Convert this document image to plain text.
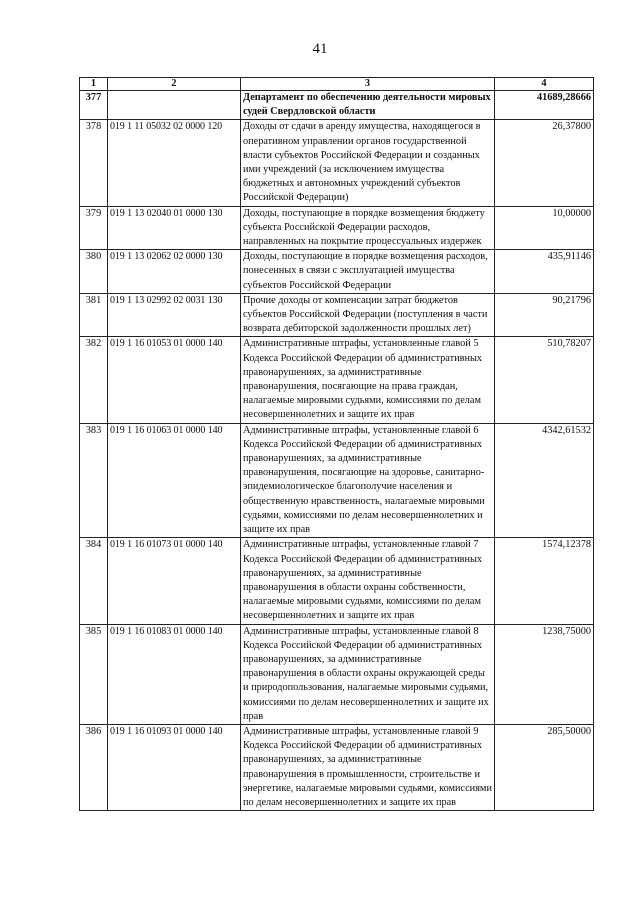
41
1	2	3	4
377		Департамент по обеспечению деятельности мировых судей Свердловской области	41689,28666
378	019 1 11 05032 02 0000 120	Доходы от сдачи в аренду имущества, находящегося в оперативном управлении органов государственной власти субъектов Российской Федерации и созданных ими учреждений (за исключением имущества бюджетных и автономных учреждений субъектов Российской Федерации)	26,37800
379	019 1 13 02040 01 0000 130	Доходы, поступающие в порядке возмещения бюджету субъекта Российской Федерации расходов, направленных на покрытие процессуальных издержек	10,00000
380	019 1 13 02062 02 0000 130	Доходы, поступающие в порядке возмещения расходов, понесенных в связи с эксплуатацией имущества субъектов Российской Федерации	435,91146
381	019 1 13 02992 02 0031 130	Прочие доходы от компенсации затрат бюджетов субъектов Российской Федерации (поступления в части возврата дебиторской задолженности прошлых лет)	90,21796
382	019 1 16 01053 01 0000 140	Административные штрафы, установленные главой 5 Кодекса Российской Федерации об административных правонарушениях, за административные правонарушения, посягающие на права граждан, налагаемые мировыми судьями, комиссиями по делам несовершеннолетних и защите их прав	510,78207
383	019 1 16 01063 01 0000 140	Административные штрафы, установленные главой 6 Кодекса Российской Федерации об административных правонарушениях, за административные правонарушения, посягающие на здоровье, санитарно-эпидемиологическое благополучие населения и общественную нравственность, налагаемые мировыми судьями, комиссиями по делам несовершеннолетних и защите их прав	4342,61532
384	019 1 16 01073 01 0000 140	Административные штрафы, установленные главой 7 Кодекса Российской Федерации об административных правонарушениях, за административные правонарушения в области охраны собственности, налагаемые мировыми судьями, комиссиями по делам несовершеннолетних и защите их прав	1574,12378
385	019 1 16 01083 01 0000 140	Административные штрафы, установленные главой 8 Кодекса Российской Федерации об административных правонарушениях, за административные правонарушения в области охраны окружающей среды и природопользования, налагаемые мировыми судьями, комиссиями по делам несовершеннолетних и защите их прав	1238,75000
386	019 1 16 01093 01 0000 140	Административные штрафы, установленные главой 9 Кодекса Российской Федерации об административных правонарушениях, за административные правонарушения в промышленности, строительстве и энергетике, налагаемые мировыми судьями, комиссиями по делам несовершеннолетних и защите их прав	285,50000
